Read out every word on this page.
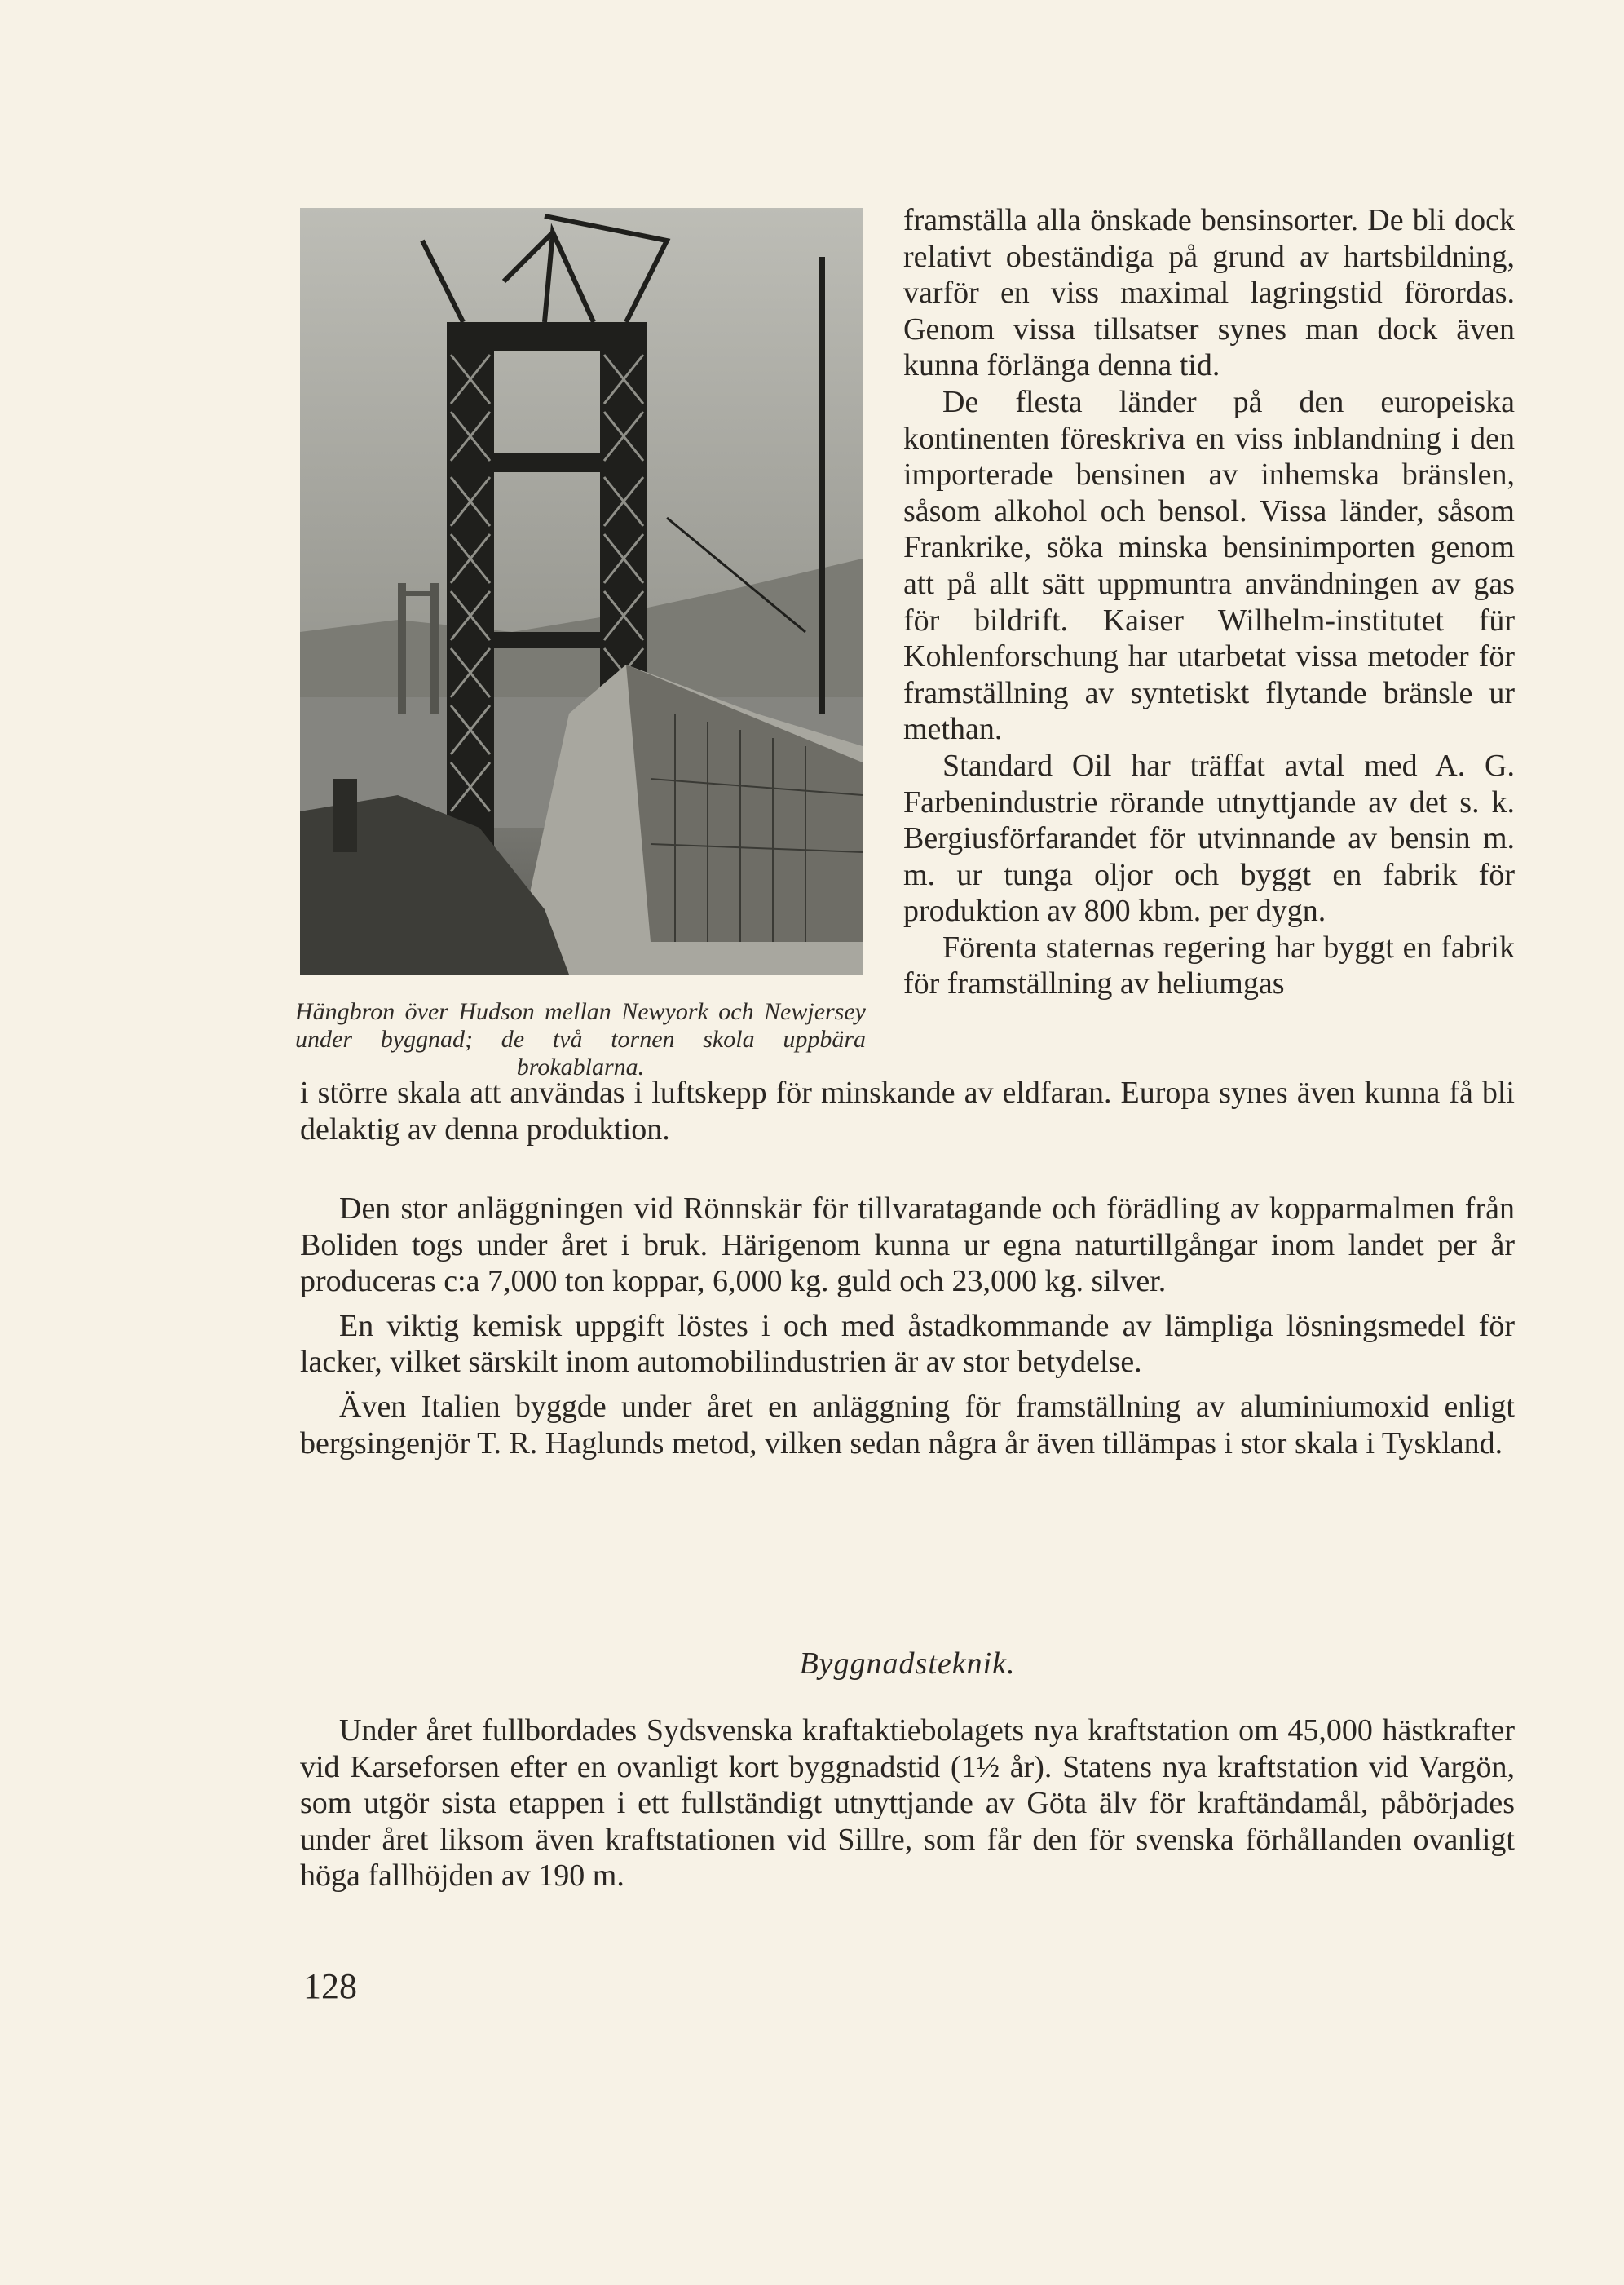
Hängbron över Hudson mellan Newyork och Newjersey under byggnad; de två tornen skola uppbära brokablarna.

framställa alla önskade bensinsorter. De bli dock relativt obeständiga på grund av hartsbildning, varför en viss maximal lagringstid förordas. Genom vissa tillsatser synes man dock även kunna förlänga denna tid.

De flesta länder på den europeiska kontinenten föreskriva en viss inblandning i den importerade bensinen av inhemska bränslen, såsom alkohol och bensol. Vissa länder, såsom Frankrike, söka minska bensinimporten genom att på allt sätt uppmuntra användningen av gas för bildrift. Kaiser Wilhelm-institutet für Kohlenforschung har utarbetat vissa metoder för framställning av syntetiskt flytande bränsle ur methan.

Standard Oil har träffat avtal med A. G. Farbenindustrie rörande utnyttjande av det s. k. Bergiusförfarandet för utvinnande av bensin m. m. ur tunga oljor och byggt en fabrik för produktion av 800 kbm. per dygn.

Förenta staternas regering har byggt en fabrik för framställning av heliumgas

i större skala att användas i luftskepp för minskande av eldfaran. Europa synes även kunna få bli delaktig av denna produktion.

Den stor anläggningen vid Rönnskär för tillvaratagande och förädling av kopparmalmen från Boliden togs under året i bruk. Härigenom kunna ur egna naturtillgångar inom landet per år produceras c:a 7,000 ton koppar, 6,000 kg. guld och 23,000 kg. silver.

En viktig kemisk uppgift löstes i och med åstadkommande av lämpliga lösningsmedel för lacker, vilket särskilt inom automobilindustrien är av stor betydelse.

Även Italien byggde under året en anläggning för framställning av aluminiumoxid enligt bergsingenjör T. R. Haglunds metod, vilken sedan några år även tillämpas i stor skala i Tyskland.

Byggnadsteknik.

Under året fullbordades Sydsvenska kraftaktiebolagets nya kraftstation om 45,000 hästkrafter vid Karseforsen efter en ovanligt kort byggnadstid (1½ år). Statens nya kraftstation vid Vargön, som utgör sista etappen i ett fullständigt utnyttjande av Göta älv för kraftändamål, påbörjades under året liksom även kraftstationen vid Sillre, som får den för svenska förhållanden ovanligt höga fallhöjden av 190 m.

128
